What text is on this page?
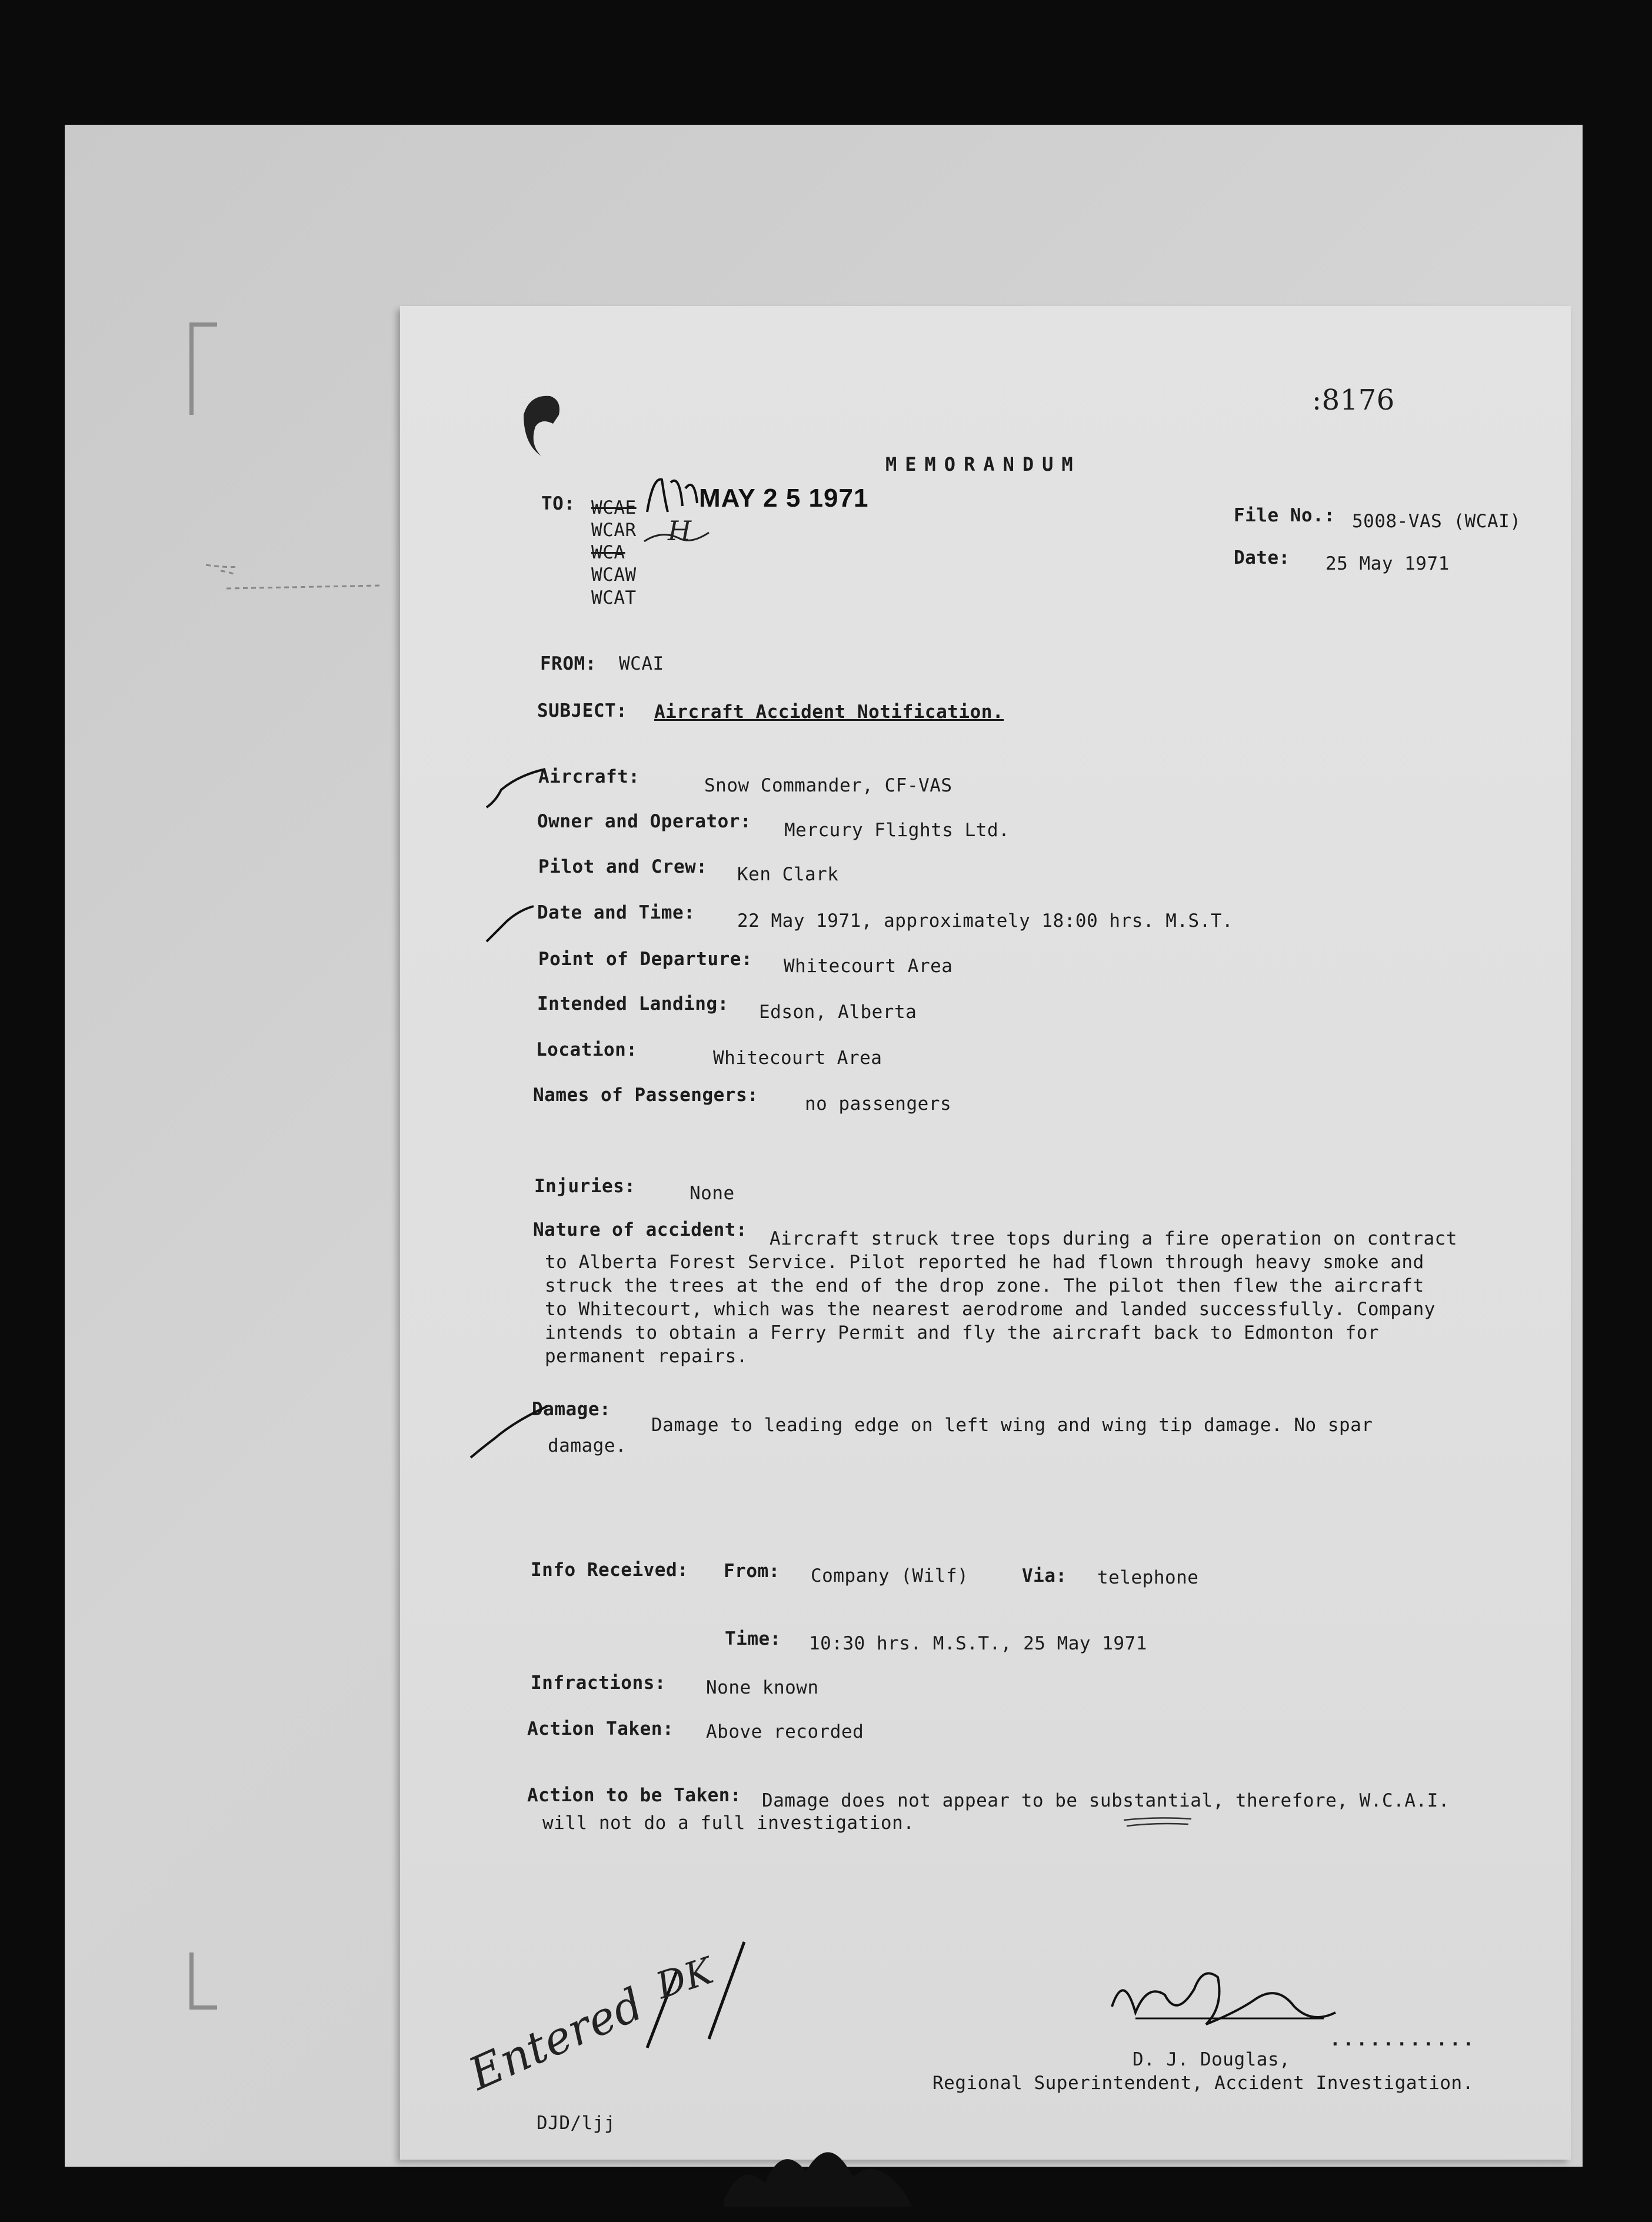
:8176
MEMORANDUM
TO: WCAE
WCAR
WCA
WCAW
WCAT
MAY 2 5 1971
H	File No.: 5008-VAS (WCAI)
Date: 25 May 1971
FROM: WCAI
SUBJECT: Aircraft Accident Notification.
Aircraft:	Snow Commander, CF-VAS
Owner and Operator: Mercury Flights Ltd.
Pilot and Crew: Ken Clark
Date and Time: 22 May 1971, approximately 18:00 hrs. M.S.T.
Point of Departure: Whitecourt Area
Intended Landing: Edson, Alberta
Location:	Whitecourt Area
Names of Passengers:	no passengers
Injuries:	None
Nature of accident: Aircraft struck tree tops during a fire operation on contract
to Alberta Forest Service. Pilot reported he had flown through heavy smoke and
struck the trees at the end of the drop zone. The pilot then flew the aircraft
to Whitecourt, which was the nearest aerodrome and landed successfully. Company
intends to obtain a Ferry Permit and fly the aircraft back to Edmonton for
permanent repairs.
Damage:
Damage to leading edge on left wing and wing tip damage. No spar
damage.
Info Received: From: Company (Wilf)	Via: telephone
Time: 10:30 hrs. M.S.T., 25 May 1971
Infractions: None known
Action Taken: Above recorded
Action to be Taken: Damage does not appear to be substantial, therefore, W.C.A.I.
will not do a full investigation.
...........
D. J. Douglas,
Regional Superintendent, Accident Investigation.
Entered DK
DJD/ljj
